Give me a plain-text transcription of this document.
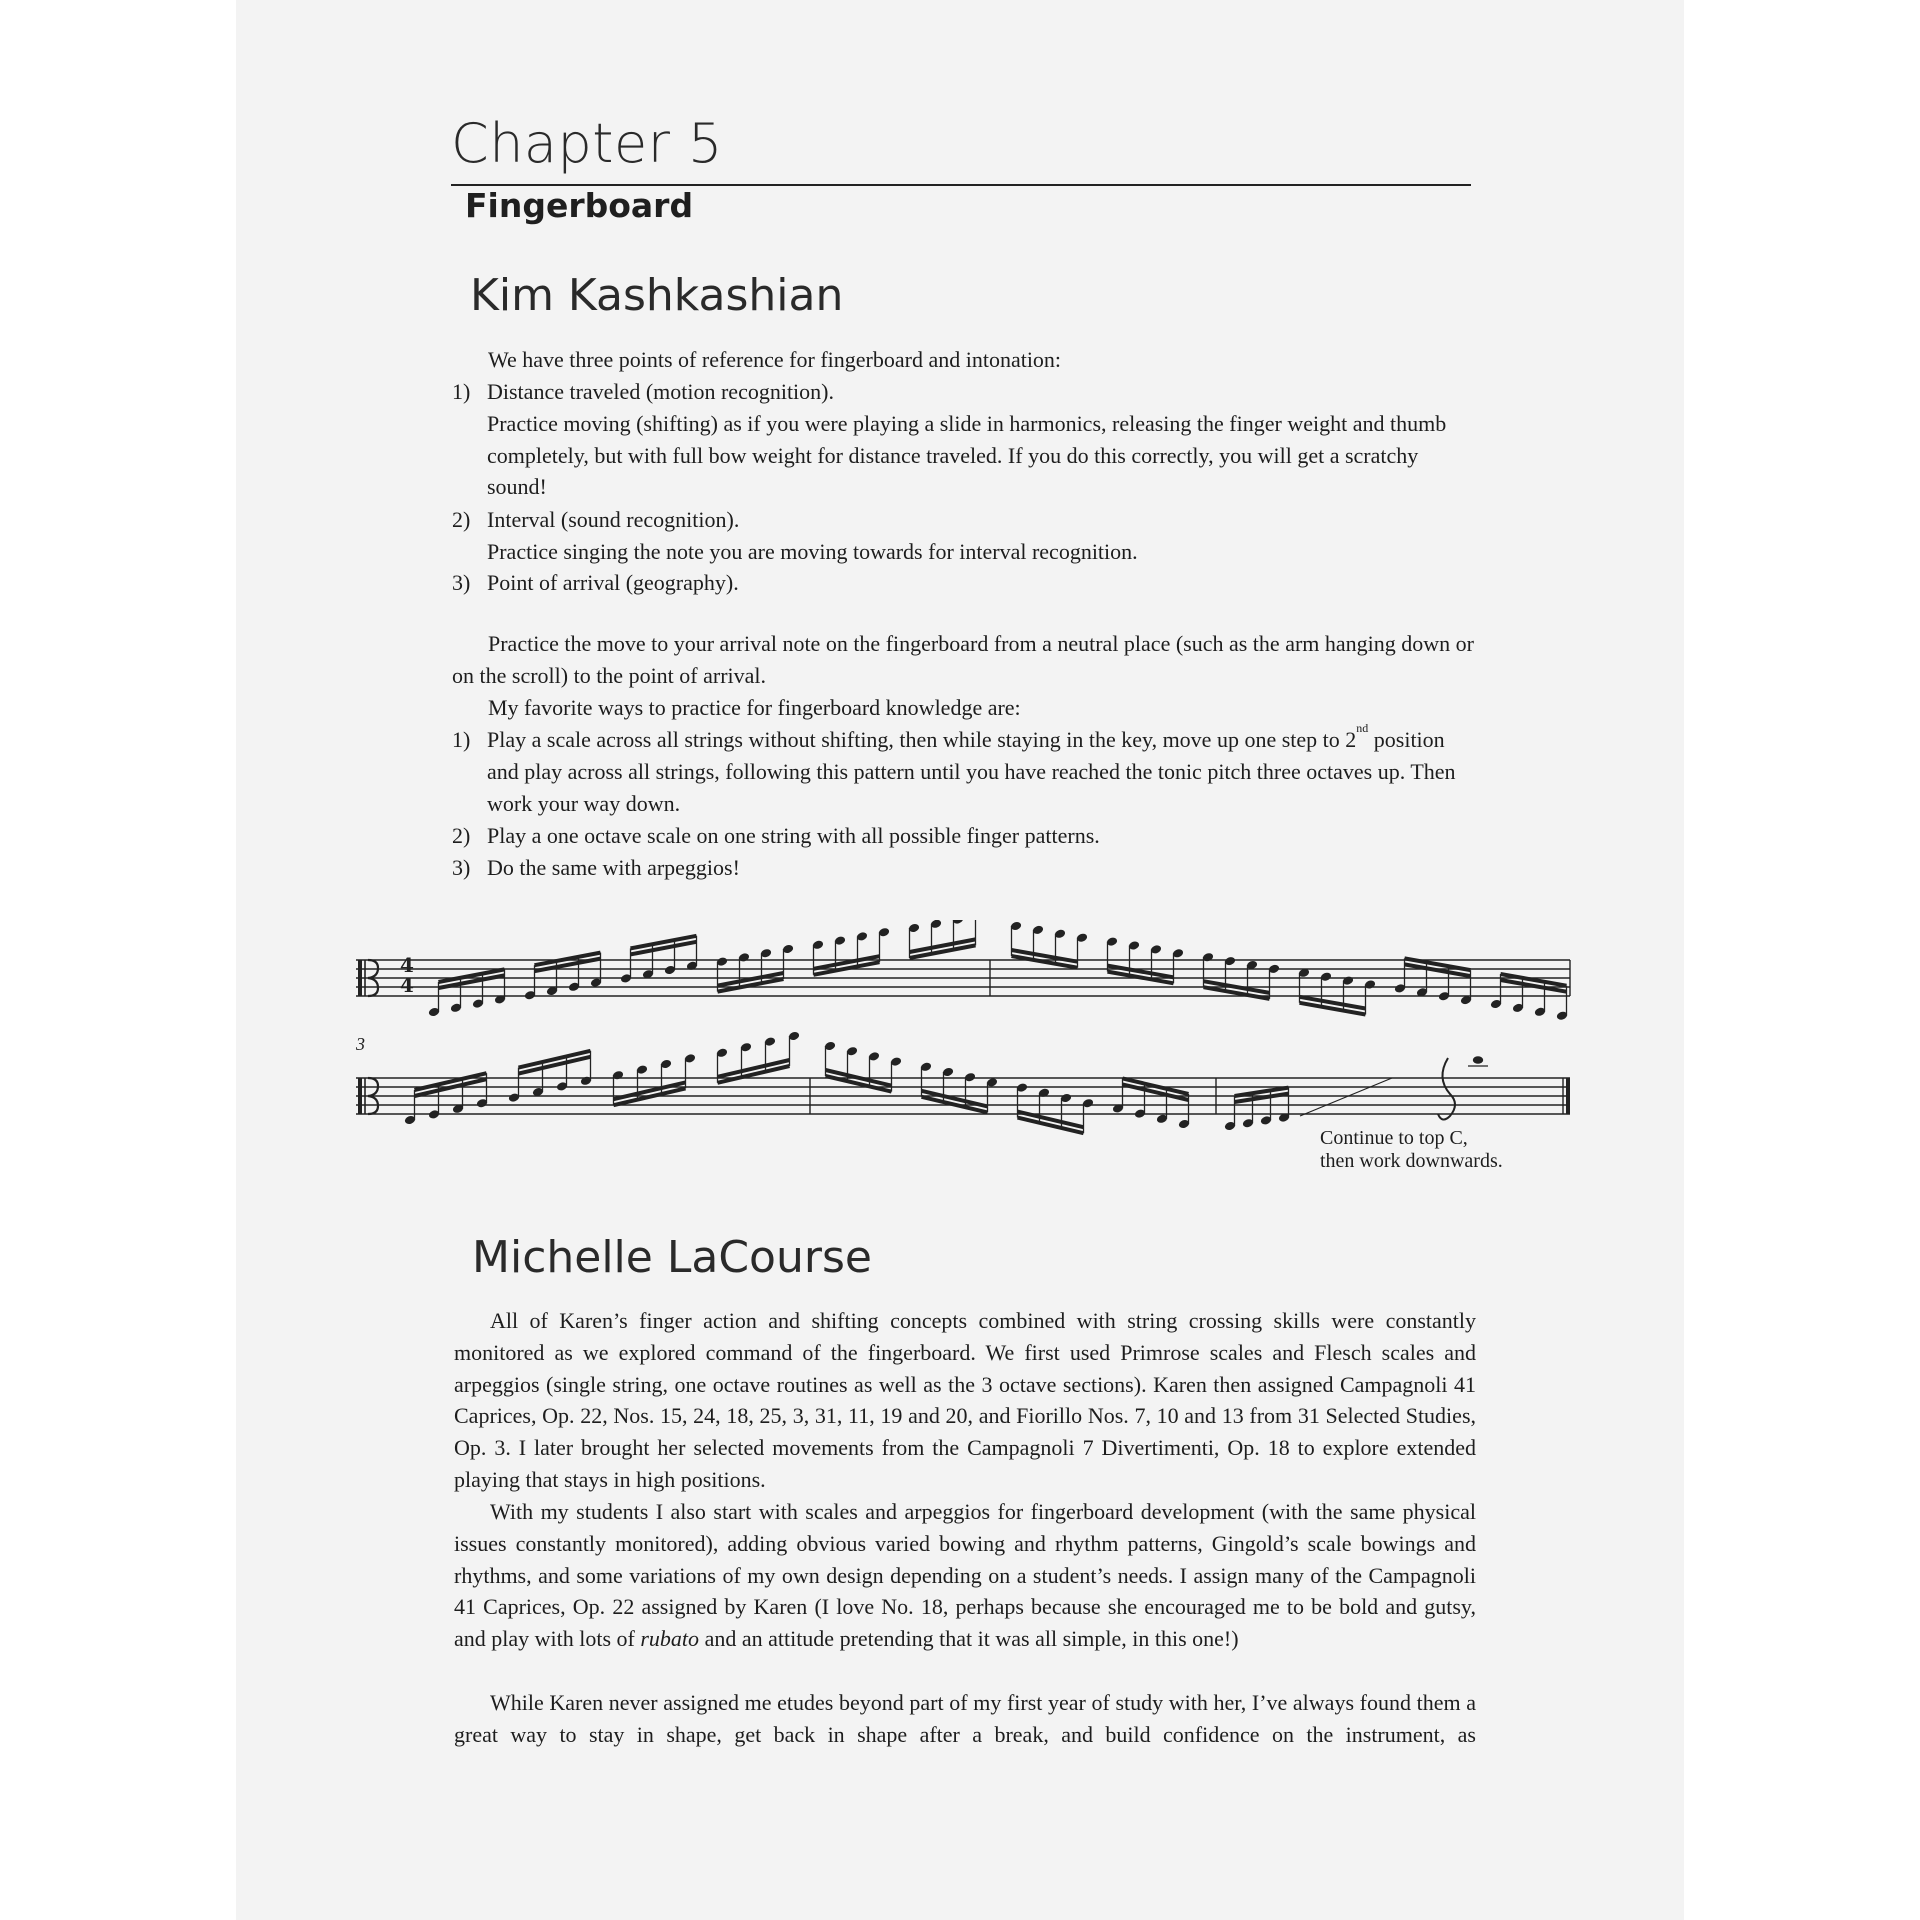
Chapter 5
Fingerboard
Kim Kashkashian
We have three points of reference for fingerboard and intonation:
1) Distance traveled (motion recognition).
Practice moving (shifting) as if you were playing a slide in harmonics, releasing the finger weight and thumb completely, but with full bow weight for distance traveled. If you do this correctly, you will get a scratchy sound!
2) Interval (sound recognition).
Practice singing the note you are moving towards for interval recognition.
3) Point of arrival (geography).

Practice the move to your arrival note on the fingerboard from a neutral place (such as the arm hanging down or on the scroll) to the point of arrival.

My favorite ways to practice for fingerboard knowledge are:
1) Play a scale across all strings without shifting, then while staying in the key, move up one step to 2nd position and play across all strings, following this pattern until you have reached the tonic pitch three octaves up. Then work your way down.
2) Play a one octave scale on one string with all possible finger patterns.
3) Do the same with arpeggios!
4
4
3
Continue to top C,
then work downwards.
Michelle LaCourse

All of Karen’s finger action and shifting concepts combined with string crossing skills were constantly monitored as we explored command of the fingerboard. We first used Primrose scales and Flesch scales and arpeggios (single string, one octave routines as well as the 3 octave sections). Karen then assigned Campagnoli 41 Caprices, Op. 22, Nos. 15, 24, 18, 25, 3, 31, 11, 19 and 20, and Fiorillo Nos. 7, 10 and 13 from 31 Selected Studies, Op. 3. I later brought her selected movements from the Campagnoli 7 Divertimenti, Op. 18 to explore extended playing that stays in high positions.

With my students I also start with scales and arpeggios for fingerboard development (with the same physical issues constantly monitored), adding obvious varied bowing and rhythm patterns, Gingold’s scale bowings and rhythms, and some variations of my own design depending on a student’s needs. I assign many of the Campagnoli 41 Caprices, Op. 22 assigned by Karen (I love No. 18, perhaps because she encouraged me to be bold and gutsy, and play with lots of rubato and an attitude pretending that it was all simple, in this one!)

While Karen never assigned me etudes beyond part of my first year of study with her, I’ve always found them a great way to stay in shape, get back in shape after a break, and build confidence on the instrument, as
